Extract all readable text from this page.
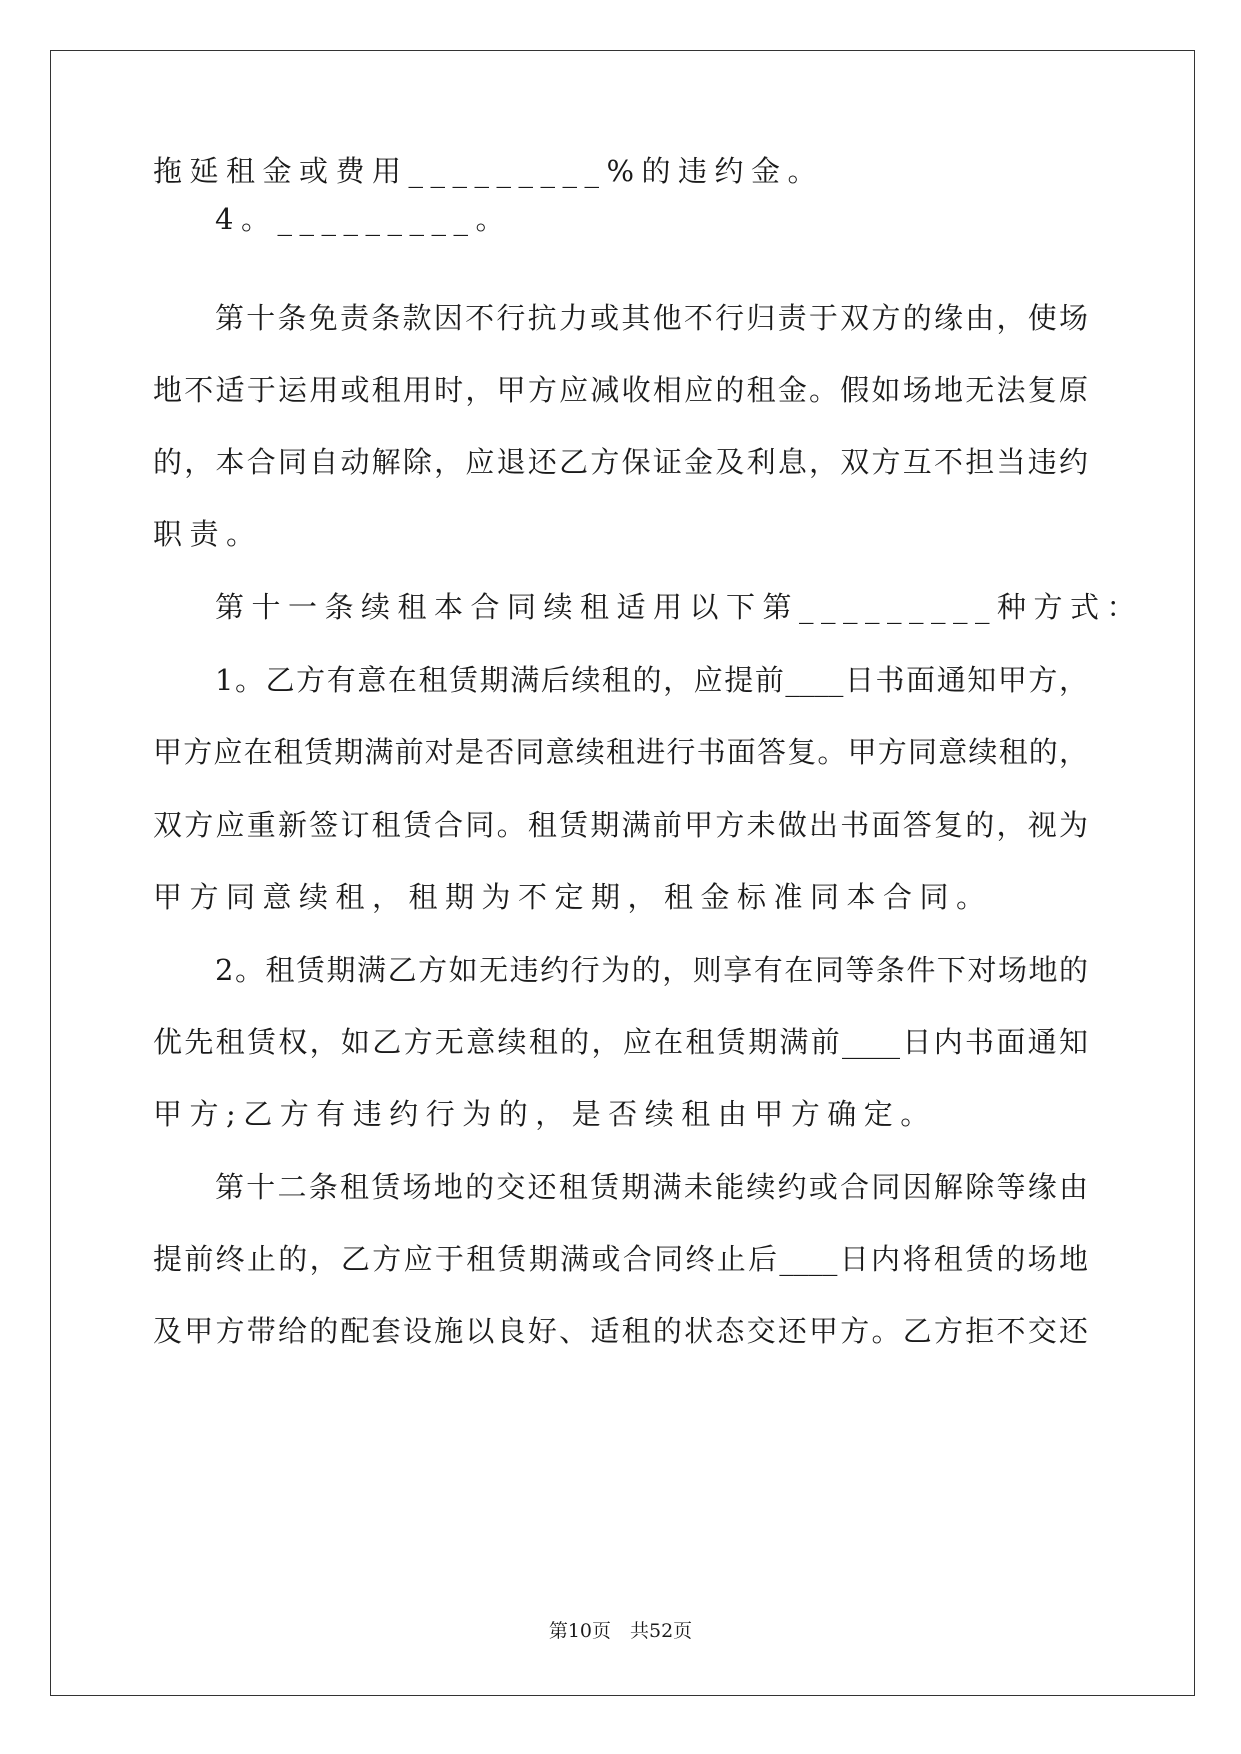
拖延租金或费用_________%的违约金。
4。_________。
第十条免责条款因不行抗力或其他不行归责于双方的缘由，使场
地不适于运用或租用时，甲方应减收相应的租金。假如场地无法复原
的，本合同自动解除，应退还乙方保证金及利息，双方互不担当违约
职责。
第十一条续租本合同续租适用以下第_________种方式：
1。乙方有意在租赁期满后续租的，应提前____日书面通知甲方，
甲方应在租赁期满前对是否同意续租进行书面答复。甲方同意续租的，
双方应重新签订租赁合同。租赁期满前甲方未做出书面答复的，视为
甲方同意续租，租期为不定期，租金标准同本合同。
2。租赁期满乙方如无违约行为的，则享有在同等条件下对场地的
优先租赁权，如乙方无意续租的，应在租赁期满前____日内书面通知
甲方;乙方有违约行为的，是否续租由甲方确定。
第十二条租赁场地的交还租赁期满未能续约或合同因解除等缘由
提前终止的，乙方应于租赁期满或合同终止后____日内将租赁的场地
及甲方带给的配套设施以良好、适租的状态交还甲方。乙方拒不交还
第10页　共52页
